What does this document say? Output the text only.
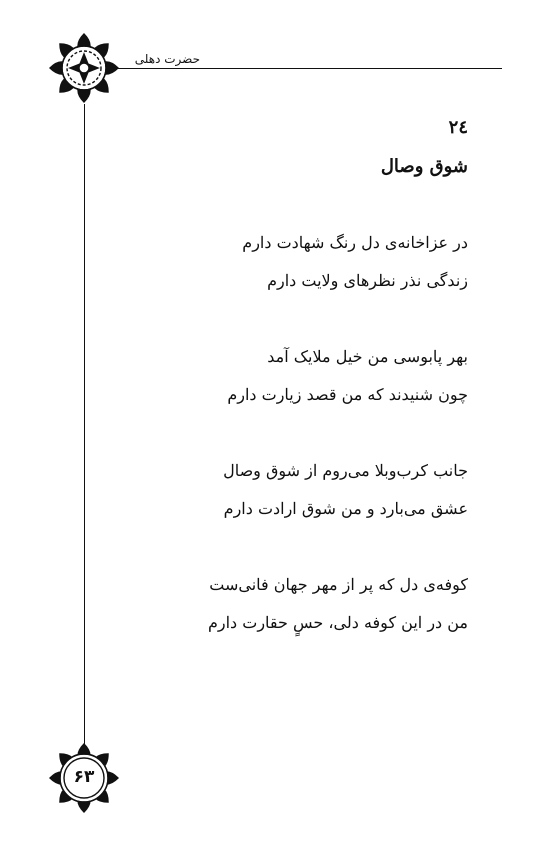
حضرت دهلی
۶۳
۲٤
شوق وصال
در عزاخانه‌ی دل رنگ شهادت دارم
زندگی نذر نظرهای ولایت دارم
بهر پابوسی من خیل ملایک آمد
چون شنیدند که من قصد زیارت دارم
جانب کرب‌وبلا می‌روم از شوق وصال
عشق می‌بارد و من شوق ارادت دارم
کوفه‌ی دل که پر از مهر جهان فانی‌ست
من در این کوفه دلی، حسٍ حقارت دارم
